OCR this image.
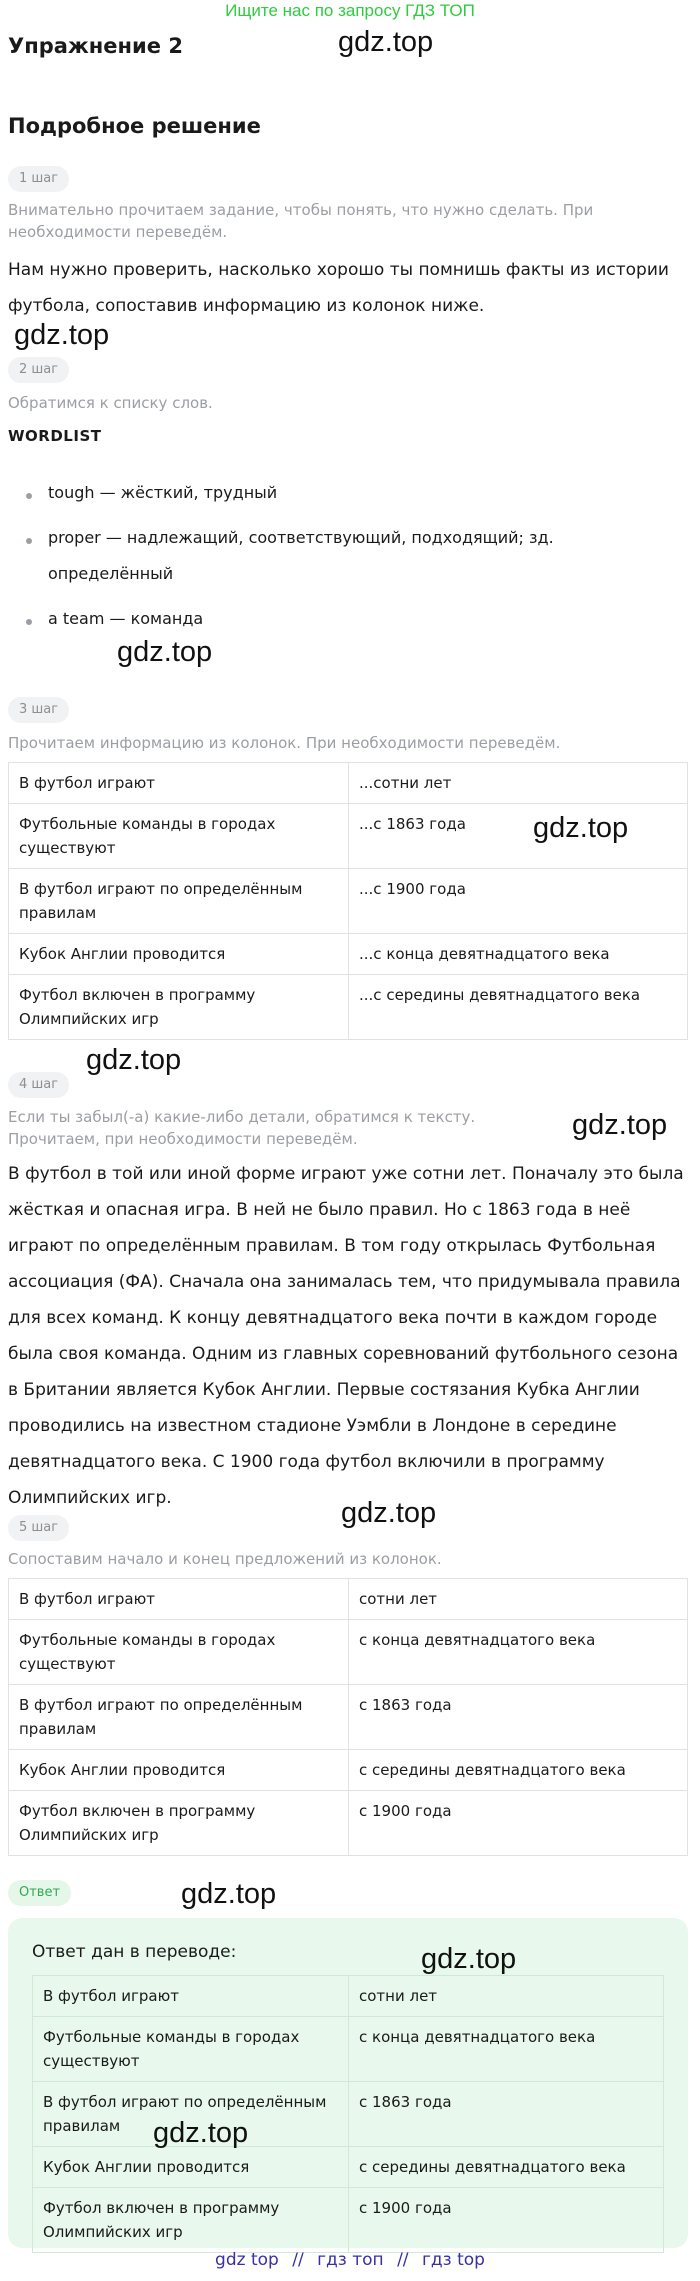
Ищите нас по запросу ГДЗ ТОП
Упражнение 2	gdz.top
Подробное решение
1 шаг
Внимательно прочитаем задание, чтобы понять, что нужно сделать. При необходимости переведём.
Нам нужно проверить, насколько хорошо ты помнишь факты из истории футбола, сопоставив информацию из колонок ниже.
gdz.top
2 шаг
Обратимся к списку слов.
WORDLIST
tough — жёсткий, трудный
proper — надлежащий, соответствующий, подходящий; зд. определённый
a team — команда
gdz.top
3 шаг
Прочитаем информацию из колонок. При необходимости переведём.
В футбол играют	...сотни лет
Футбольные команды в городах существуют	...с 1863 года
В футбол играют по определённым правилам	...с 1900 года
Кубок Англии проводится	...с конца девятнадцатого века
Футбол включен в программу Олимпийских игр	...с середины девятнадцатого века
gdz.top
gdz.top
4 шаг
Если ты забыл(-а) какие-либо детали, обратимся к тексту. Прочитаем, при необходимости переведём.	gdz.top
В футбол в той или иной форме играют уже сотни лет. Поначалу это была жёсткая и опасная игра. В ней не было правил. Но с 1863 года в неё играют по определённым правилам. В том году открылась Футбольная ассоциация (ФА). Сначала она занималась тем, что придумывала правила для всех команд. К концу девятнадцатого века почти в каждом городе была своя команда. Одним из главных соревнований футбольного сезона в Британии является Кубок Англии. Первые состязания Кубка Англии проводились на известном стадионе Уэмбли в Лондоне в середине девятнадцатого века. С 1900 года футбол включили в программу Олимпийских игр.	gdz.top
5 шаг
Сопоставим начало и конец предложений из колонок.
В футбол играют	сотни лет
Футбольные команды в городах существуют	с конца девятнадцатого века
В футбол играют по определённым правилам	с 1863 года
Кубок Англии проводится	с середины девятнадцатого века
Футбол включен в программу Олимпийских игр	с 1900 года
Ответ	gdz.top
Ответ дан в переводе:	gdz.top
В футбол играют	сотни лет
Футбольные команды в городах существуют	с конца девятнадцатого века
В футбол играют по определённым правилам	с 1863 года
Кубок Англии проводится	с середины девятнадцатого века
Футбол включен в программу Олимпийских игр	с 1900 года
gdz.top
gdz top // гдз топ // гдз top
